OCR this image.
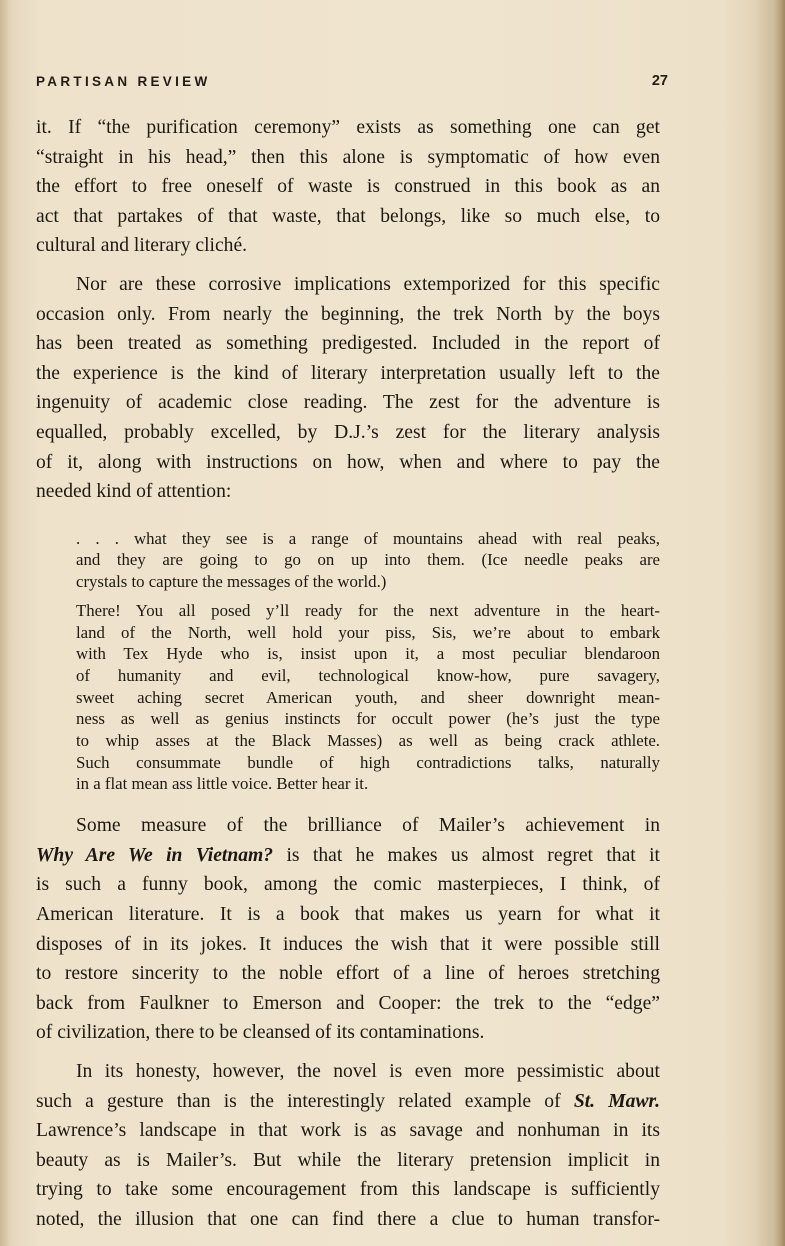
PARTISAN REVIEW	27
it. If “the purification ceremony” exists as something one can get
“straight in his head,” then this alone is symptomatic of how even
the effort to free oneself of waste is construed in this book as an
act that partakes of that waste, that belongs, like so much else, to
cultural and literary cliché.
Nor are these corrosive implications extemporized for this specific
occasion only. From nearly the beginning, the trek North by the boys
has been treated as something predigested. Included in the report of
the experience is the kind of literary interpretation usually left to the
ingenuity of academic close reading. The zest for the adventure is
equalled, probably excelled, by D.J.’s zest for the literary analysis
of it, along with instructions on how, when and where to pay the
needed kind of attention:
. . . what they see is a range of mountains ahead with real peaks,
and they are going to go on up into them. (Ice needle peaks are
crystals to capture the messages of the world.)
There! You all posed y’ll ready for the next adventure in the heart-
land of the North, well hold your piss, Sis, we’re about to embark
with Tex Hyde who is, insist upon it, a most peculiar blendaroon
of humanity and evil, technological know-how, pure savagery,
sweet aching secret American youth, and sheer downright mean-
ness as well as genius instincts for occult power (he’s just the type
to whip asses at the Black Masses) as well as being crack athlete.
Such consummate bundle of high contradictions talks, naturally
in a flat mean ass little voice. Better hear it.
Some measure of the brilliance of Mailer’s achievement in
Why Are We in Vietnam? is that he makes us almost regret that it
is such a funny book, among the comic masterpieces, I think, of
American literature. It is a book that makes us yearn for what it
disposes of in its jokes. It induces the wish that it were possible still
to restore sincerity to the noble effort of a line of heroes stretching
back from Faulkner to Emerson and Cooper: the trek to the “edge”
of civilization, there to be cleansed of its contaminations.
In its honesty, however, the novel is even more pessimistic about
such a gesture than is the interestingly related example of St. Mawr.
Lawrence’s landscape in that work is as savage and nonhuman in its
beauty as is Mailer’s. But while the literary pretension implicit in
trying to take some encouragement from this landscape is sufficiently
noted, the illusion that one can find there a clue to human transfor-
